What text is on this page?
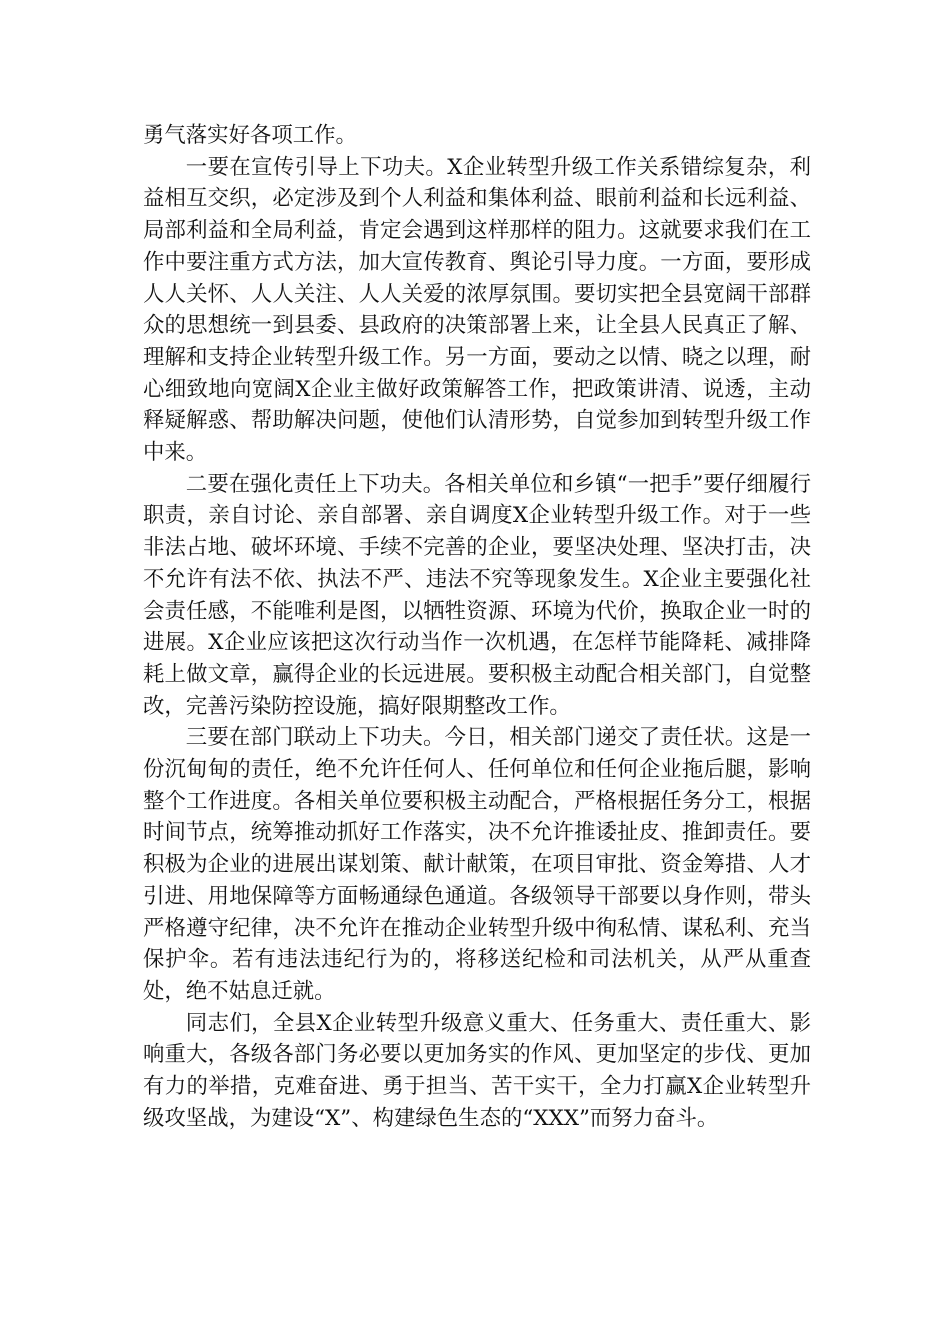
勇气落实好各项工作。

一要在宣传引导上下功夫。X企业转型升级工作关系错综复杂，利益相互交织，必定涉及到个人利益和集体利益、眼前利益和长远利益、局部利益和全局利益，肯定会遇到这样那样的阻力。这就要求我们在工作中要注重方式方法，加大宣传教育、舆论引导力度。一方面，要形成人人关怀、人人关注、人人关爱的浓厚氛围。要切实把全县宽阔干部群众的思想统一到县委、县政府的决策部署上来，让全县人民真正了解、理解和支持企业转型升级工作。另一方面，要动之以情、晓之以理，耐心细致地向宽阔X企业主做好政策解答工作，把政策讲清、说透，主动释疑解惑、帮助解决问题，使他们认清形势，自觉参加到转型升级工作中来。

二要在强化责任上下功夫。各相关单位和乡镇“一把手”要仔细履行职责，亲自讨论、亲自部署、亲自调度X企业转型升级工作。对于一些非法占地、破坏环境、手续不完善的企业，要坚决处理、坚决打击，决不允许有法不依、执法不严、违法不究等现象发生。X企业主要强化社会责任感，不能唯利是图，以牺牲资源、环境为代价，换取企业一时的进展。X企业应该把这次行动当作一次机遇，在怎样节能降耗、减排降耗上做文章，赢得企业的长远进展。要积极主动配合相关部门，自觉整改，完善污染防控设施，搞好限期整改工作。

三要在部门联动上下功夫。今日，相关部门递交了责任状。这是一份沉甸甸的责任，绝不允许任何人、任何单位和任何企业拖后腿，影响整个工作进度。各相关单位要积极主动配合，严格根据任务分工，根据时间节点，统筹推动抓好工作落实，决不允许推诿扯皮、推卸责任。要积极为企业的进展出谋划策、献计献策，在项目审批、资金筹措、人才引进、用地保障等方面畅通绿色通道。各级领导干部要以身作则，带头严格遵守纪律，决不允许在推动企业转型升级中徇私情、谋私利、充当保护伞。若有违法违纪行为的，将移送纪检和司法机关，从严从重查处，绝不姑息迁就。

同志们，全县X企业转型升级意义重大、任务重大、责任重大、影响重大，各级各部门务必要以更加务实的作风、更加坚定的步伐、更加有力的举措，克难奋进、勇于担当、苦干实干，全力打赢X企业转型升级攻坚战，为建设“X”、构建绿色生态的“XXX”而努力奋斗。
